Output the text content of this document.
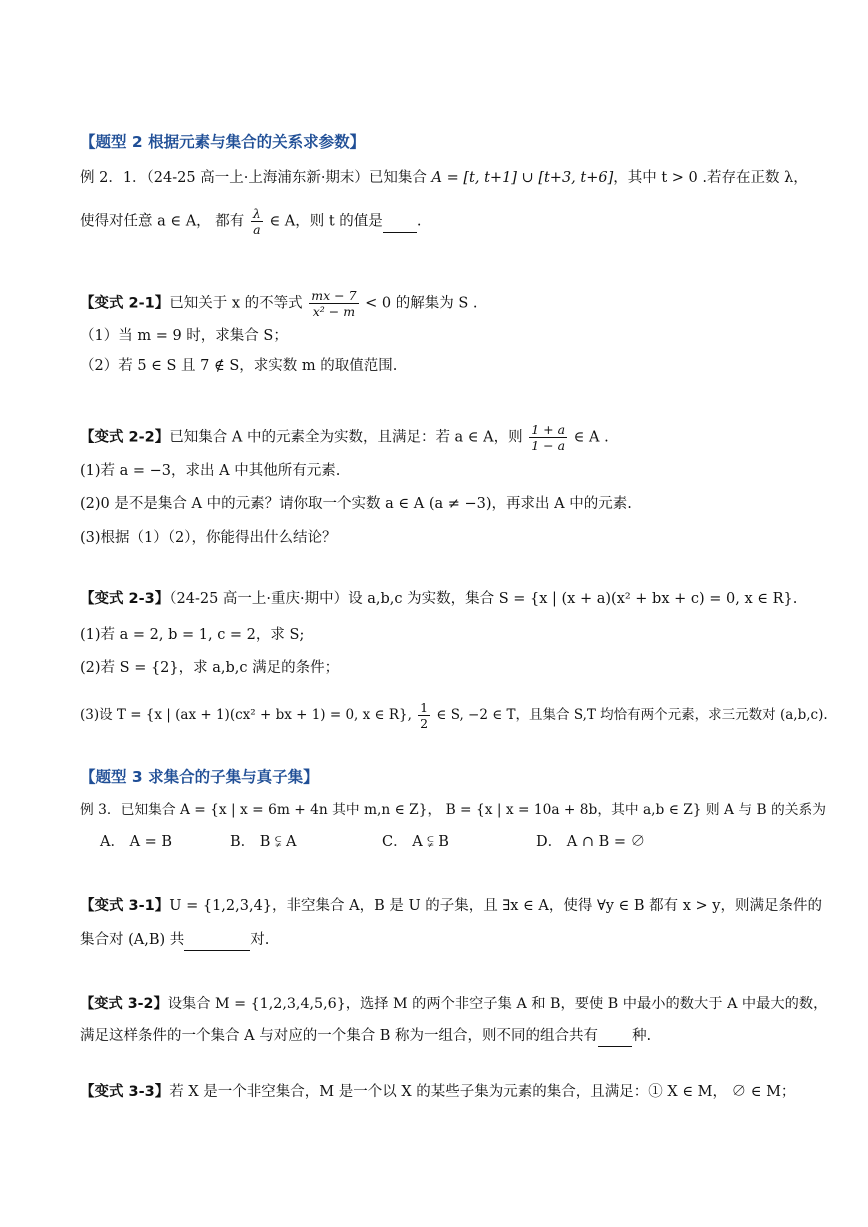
【题型 2 根据元素与集合的关系求参数】
例 2．1．（24-25 高一上·上海浦东新·期末）已知集合 A = [t, t+1] ∪ [t+3, t+6]，其中 t > 0 .若存在正数 λ，
使得对任意 a ∈ A， 都有 $\frac{\lambda}{a}$ ∈ A，则 t 的值是 .
【变式 2-1】已知关于 x 的不等式 $\frac{mx - 7}{\text{x² − m}} < 0$ 的解集为 S .
（1）当 m = 9 时，求集合 S；
（2）若 5 ∈ S 且 7 ∉ S，求实数 m 的取值范围.
【变式 2-2】已知集合 A 中的元素全为实数，且满足：若 a ∈ A，则 $\frac{1 + a}{1 - a}$ ∈ A .
(1)若 a = −3，求出 A 中其他所有元素.
(2)0 是不是集合 A 中的元素？请你取一个实数 a ∈ A (a ≠ −3)，再求出 A 中的元素.
(3)根据（1）（2），你能得出什么结论？
【变式 2-3】（24-25 高一上·重庆·期中）设 a,b,c 为实数，集合 S = {x | (x + a)(x² + bx + c) = 0, x ∈ R}.
(1)若 a = 2, b = 1, c = 2，求 S;
(2)若 S = {2}，求 a,b,c 满足的条件；
(3)设 T = {x | (ax + 1)(cx² + bx + 1) = 0, x ∈ R}, $\frac{1}{2}$ ∈ S, −2 ∈ T，且集合 S,T 均恰有两个元素，求三元数对 (a,b,c).
【题型 3 求集合的子集与真子集】
例 3．已知集合 A = {x | x = 6m + 4n 其中 m,n ∈ Z}， B = {x | x = 10a + 8b，其中 a,b ∈ Z} 则 A 与 B 的关系为
A． A = B	B． B ⫋ A	C． A ⫋ B	D． A ∩ B = ∅
【变式 3-1】U = {1,2,3,4}，非空集合 A，B 是 U 的子集，且 ∃x ∈ A，使得 ∀y ∈ B 都有 x > y，则满足条件的
集合对 (A,B) 共	对.
【变式 3-2】设集合 M = {1,2,3,4,5,6}，选择 M 的两个非空子集 A 和 B，要使 B 中最小的数大于 A 中最大的数，
满足这样条件的一个集合 A 与对应的一个集合 B 称为一组合，则不同的组合共有 种.
【变式 3-3】若 X 是一个非空集合，M 是一个以 X 的某些子集为元素的集合，且满足：① X ∈ M， ∅ ∈ M；
